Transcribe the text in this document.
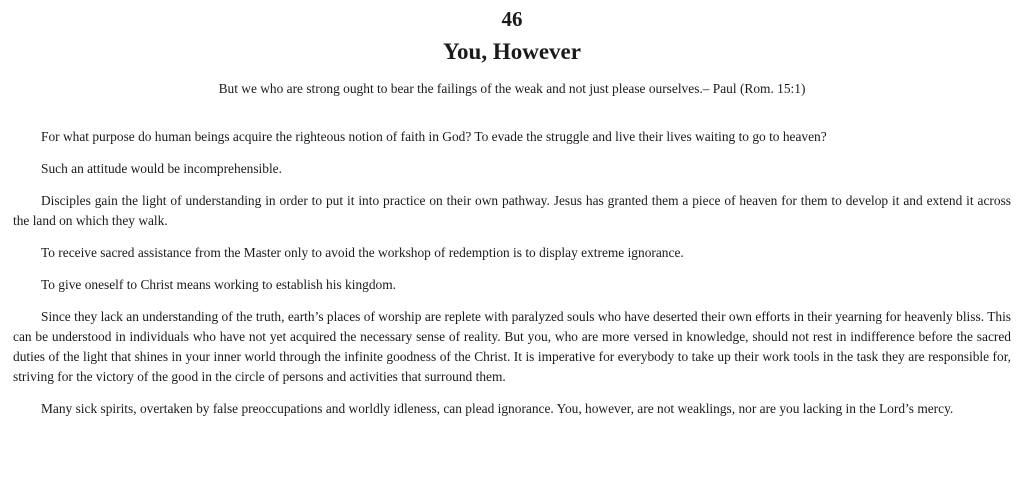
46
You, However

But we who are strong ought to bear the failings of the weak and not just please ourselves.– Paul (Rom. 15:1)

For what purpose do human beings acquire the righteous notion of faith in God? To evade the struggle and live their lives waiting to go to heaven?

Such an attitude would be incomprehensible.

Disciples gain the light of understanding in order to put it into practice on their own pathway. Jesus has granted them a piece of heaven for them to develop it and extend it across the land on which they walk.

To receive sacred assistance from the Master only to avoid the workshop of redemption is to display extreme ignorance.

To give oneself to Christ means working to establish his kingdom.

Since they lack an understanding of the truth, earth’s places of worship are replete with paralyzed souls who have deserted their own efforts in their yearning for heavenly bliss. This can be understood in individuals who have not yet acquired the necessary sense of reality. But you, who are more versed in knowledge, should not rest in indifference before the sacred duties of the light that shines in your inner world through the infinite goodness of the Christ. It is imperative for everybody to take up their work tools in the task they are responsible for, striving for the victory of the good in the circle of persons and activities that surround them.

Many sick spirits, overtaken by false preoccupations and worldly idleness, can plead ignorance. You, however, are not weaklings, nor are you lacking in the Lord’s mercy.
